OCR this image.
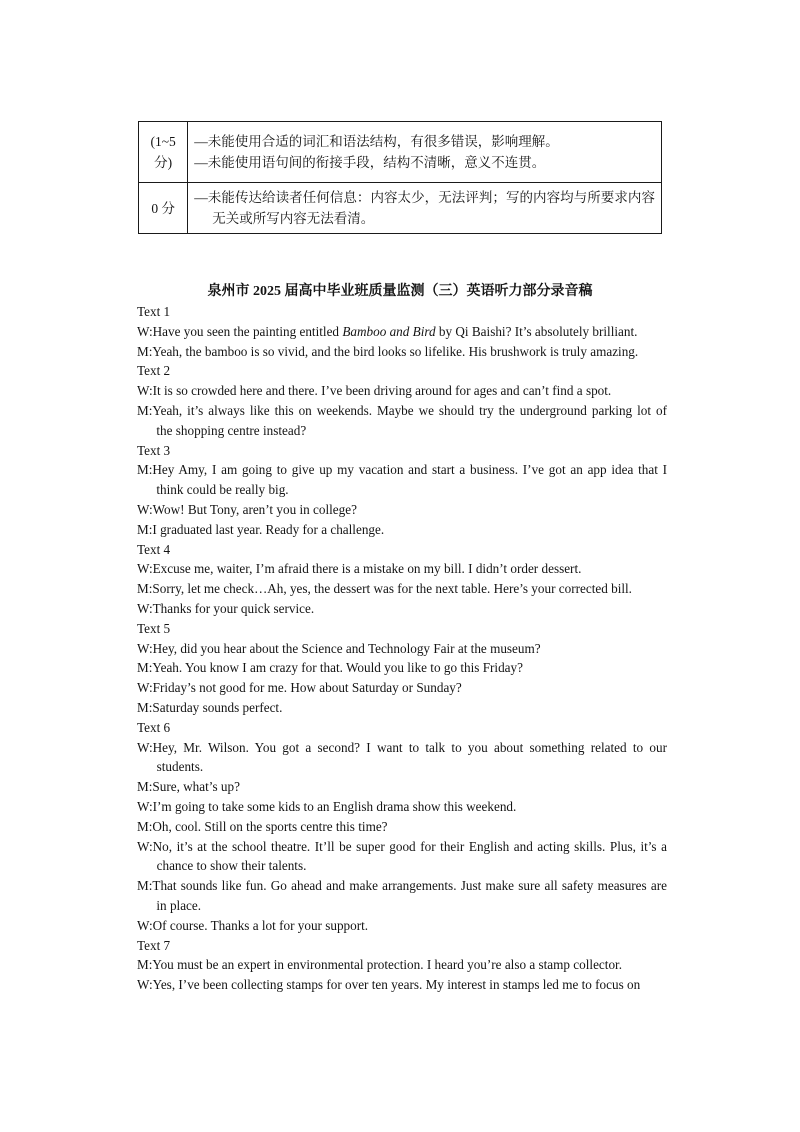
(1~5
分)	—未能使用合适的词汇和语法结构，有很多错误，影响理解。
—未能使用语句间的衔接手段，结构不清晰，意义不连贯。

0 分	—未能传达给读者任何信息：内容太少，无法评判；写的内容均与所要求内容
无关或所写内容无法看清。
泉州市 2025 届高中毕业班质量监测（三）英语听力部分录音稿
Text 1
W: Have you seen the painting entitled Bamboo and Bird by Qi Baishi? It’s absolutely brilliant.
M: Yeah, the bamboo is so vivid, and the bird looks so lifelike. His brushwork is truly amazing.
Text 2
W: It is so crowded here and there. I’ve been driving around for ages and can’t find a spot.
M: Yeah, it’s always like this on weekends. Maybe we should try the underground parking lot of
the shopping centre instead?
Text 3
M: Hey Amy, I am going to give up my vacation and start a business. I’ve got an app idea that I
think could be really big.
W: Wow! But Tony, aren’t you in college?
M: I graduated last year. Ready for a challenge.
Text 4
W: Excuse me, waiter, I’m afraid there is a mistake on my bill. I didn’t order dessert.
M: Sorry, let me check…Ah, yes, the dessert was for the next table. Here’s your corrected bill.
W: Thanks for your quick service.
Text 5
W: Hey, did you hear about the Science and Technology Fair at the museum?
M: Yeah. You know I am crazy for that. Would you like to go this Friday?
W: Friday’s not good for me. How about Saturday or Sunday?
M: Saturday sounds perfect.
Text 6
W: Hey, Mr. Wilson. You got a second? I want to talk to you about something related to our
students.
M: Sure, what’s up?
W: I’m going to take some kids to an English drama show this weekend.
M: Oh, cool. Still on the sports centre this time?
W: No, it’s at the school theatre. It’ll be super good for their English and acting skills. Plus, it’s a
chance to show their talents.
M: That sounds like fun. Go ahead and make arrangements. Just make sure all safety measures are
in place.
W: Of course. Thanks a lot for your support.
Text 7
M: You must be an expert in environmental protection. I heard you’re also a stamp collector.
W: Yes, I’ve been collecting stamps for over ten years. My interest in stamps led me to focus on
